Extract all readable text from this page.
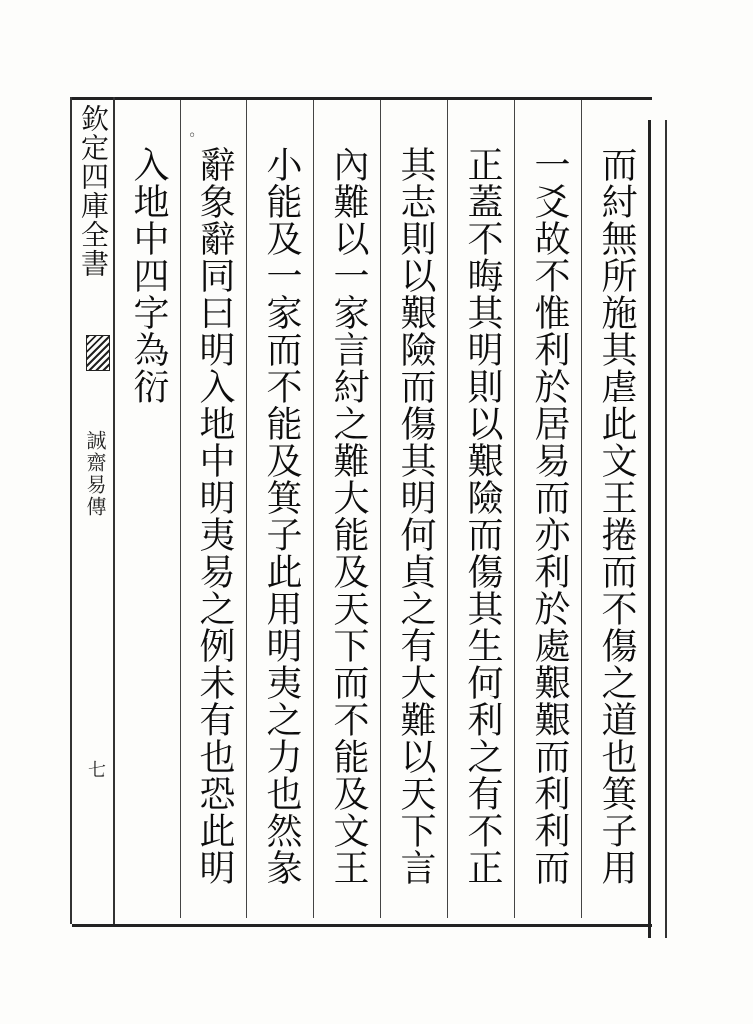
欽定四庫全書
誠齋易傳
七	而紂無所施其虐此文王捲而不傷之道也箕子用
一爻故不惟利於居易而亦利於處艱艱而利利而
正蓋不晦其明則以艱險而傷其生何利之有不正
其志則以艱險而傷其明何貞之有大難以天下言
內難以一家言紂之難大能及天下而不能及文王
小能及一家而不能及箕子此用明夷之力也然彖
辭象辭同曰明入地中明夷易之例未有也恐此明
入地中四字為衍
◦
